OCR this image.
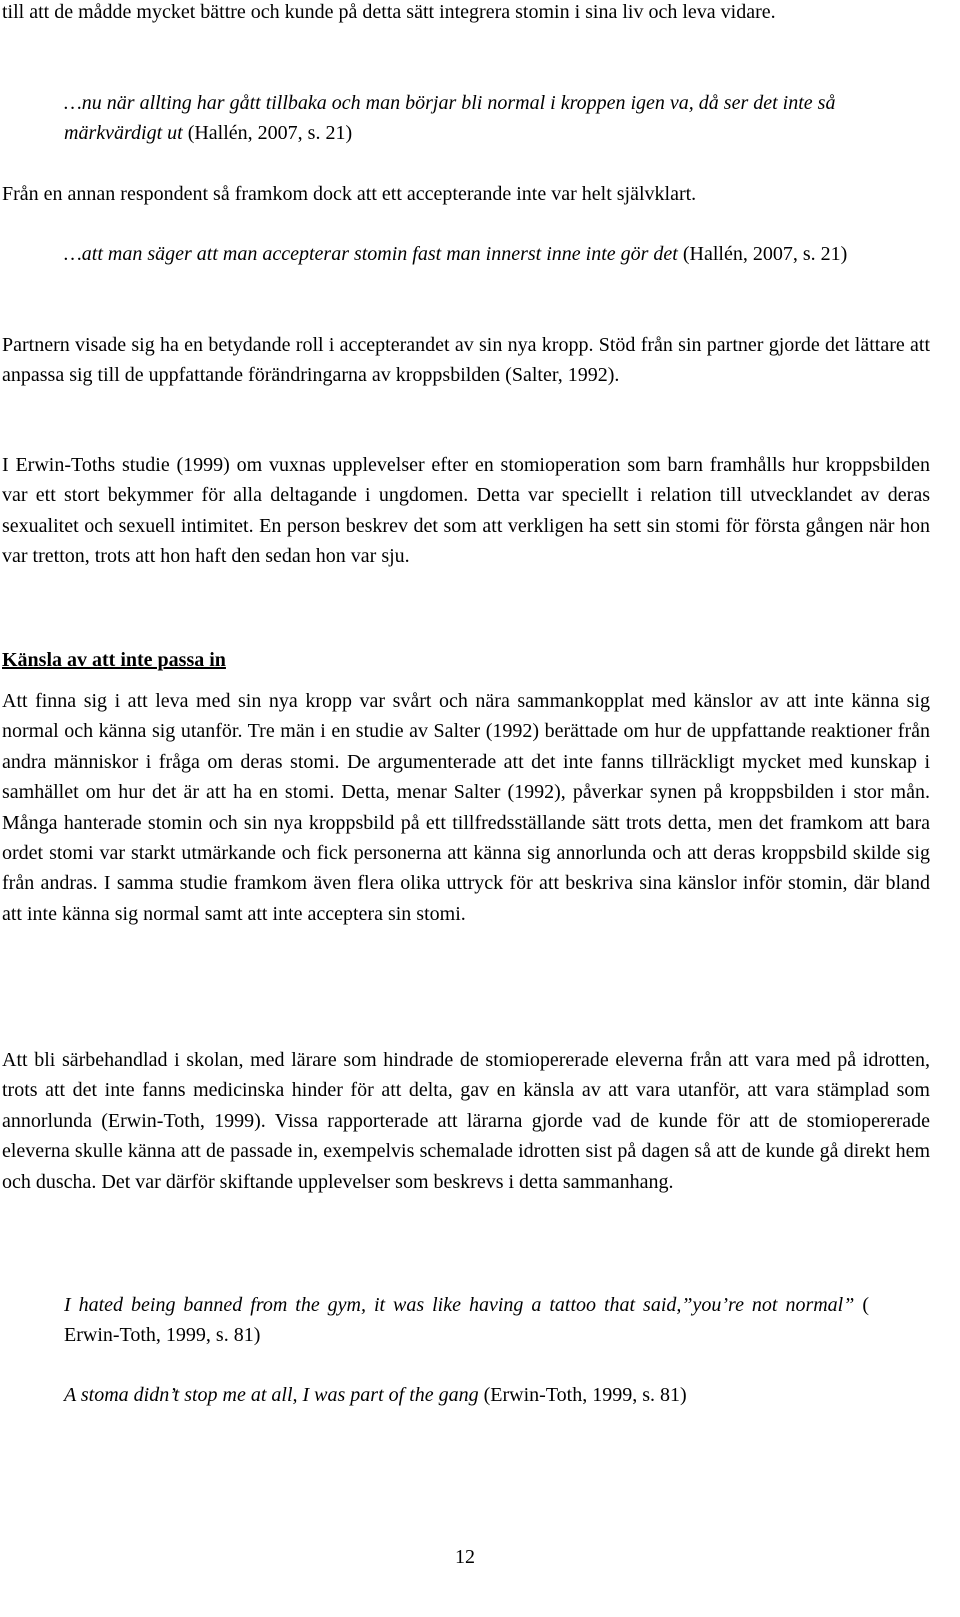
till att de mådde mycket bättre och kunde på detta sätt integrera stomin i sina liv och leva vidare.

…nu när allting har gått tillbaka och man börjar bli normal i kroppen igen va, då ser det inte så märkvärdigt ut (Hallén, 2007, s. 21)

Från en annan respondent så framkom dock att ett accepterande inte var helt självklart.

…att man säger att man accepterar stomin fast man innerst inne inte gör det (Hallén, 2007, s. 21)

Partnern visade sig ha en betydande roll i accepterandet av sin nya kropp. Stöd från sin partner gjorde det lättare att anpassa sig till de uppfattande förändringarna av kroppsbilden (Salter, 1992).

I Erwin-Toths studie (1999) om vuxnas upplevelser efter en stomioperation som barn framhålls hur kroppsbilden var ett stort bekymmer för alla deltagande i ungdomen. Detta var speciellt i relation till utvecklandet av deras sexualitet och sexuell intimitet. En person beskrev det som att verkligen ha sett sin stomi för första gången när hon var tretton, trots att hon haft den sedan hon var sju.

Känsla av att inte passa in

Att finna sig i att leva med sin nya kropp var svårt och nära sammankopplat med känslor av att inte känna sig normal och känna sig utanför. Tre män i en studie av Salter (1992) berättade om hur de uppfattande reaktioner från andra människor i fråga om deras stomi. De argumenterade att det inte fanns tillräckligt mycket med kunskap i samhället om hur det är att ha en stomi. Detta, menar Salter (1992), påverkar synen på kroppsbilden i stor mån. Många hanterade stomin och sin nya kroppsbild på ett tillfredsställande sätt trots detta, men det framkom att bara ordet stomi var starkt utmärkande och fick personerna att känna sig annorlunda och att deras kroppsbild skilde sig från andras. I samma studie framkom även flera olika uttryck för att beskriva sina känslor inför stomin, där bland att inte känna sig normal samt att inte acceptera sin stomi.

Att bli särbehandlad i skolan, med lärare som hindrade de stomiopererade eleverna från att vara med på idrotten, trots att det inte fanns medicinska hinder för att delta, gav en känsla av att vara utanför, att vara stämplad som annorlunda (Erwin-Toth, 1999). Vissa rapporterade att lärarna gjorde vad de kunde för att de stomiopererade eleverna skulle känna att de passade in, exempelvis schemalade idrotten sist på dagen så att de kunde gå direkt hem och duscha. Det var därför skiftande upplevelser som beskrevs i detta sammanhang.

I hated being banned from the gym, it was like having a tattoo that said,”you’re not normal” ( Erwin-Toth, 1999, s. 81)

A stoma didn’t stop me at all, I was part of the gang (Erwin-Toth, 1999, s. 81)

12
